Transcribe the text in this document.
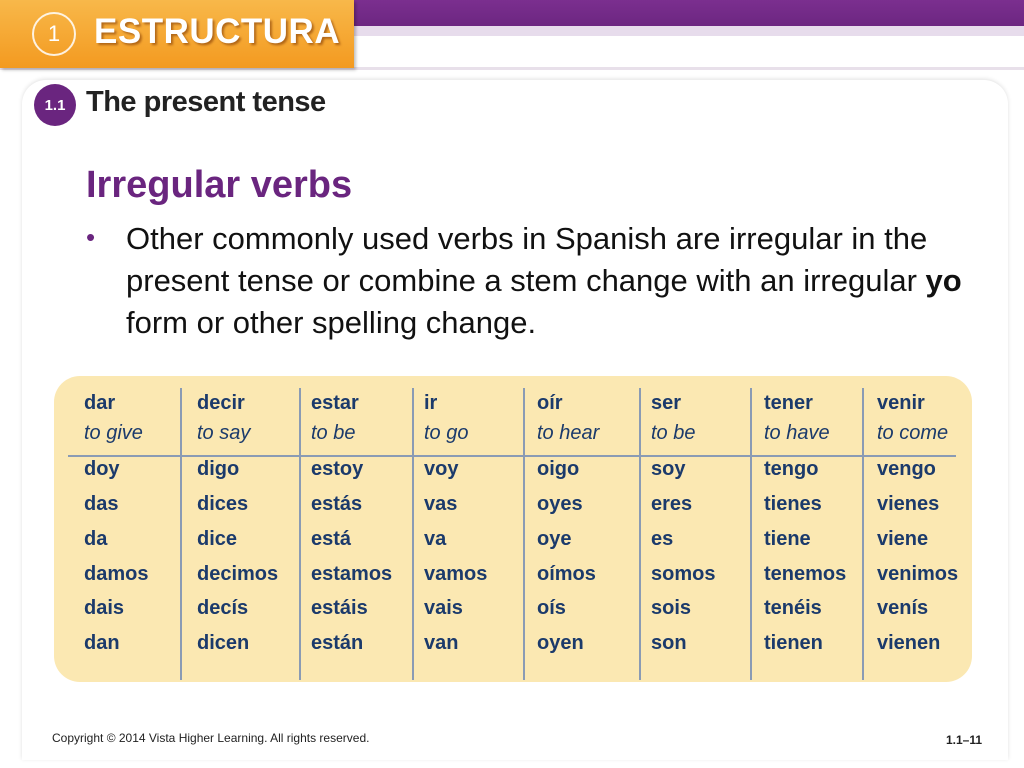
1 ESTRUCTURA
1.1 The present tense
Irregular verbs
• Other commonly used verbs in Spanish are irregular in the present tense or combine a stem change with an irregular yo form or other spelling change.
dar
to give
doy
das
da
damos
dais
dan
decir
to say
digo
dices
dice
decimos
decís
dicen
estar
to be
estoy
estás
está
estamos
estáis
están
ir
to go
voy
vas
va
vamos
vais
van
oír
to hear
oigo
oyes
oye
oímos
oís
oyen
ser
to be
soy
eres
es
somos
sois
son
tener
to have
tengo
tienes
tiene
tenemos
tenéis
tienen
venir
to come
vengo
vienes
viene
venimos
venís
vienen
Copyright © 2014 Vista Higher Learning. All rights reserved.	1.1–11
